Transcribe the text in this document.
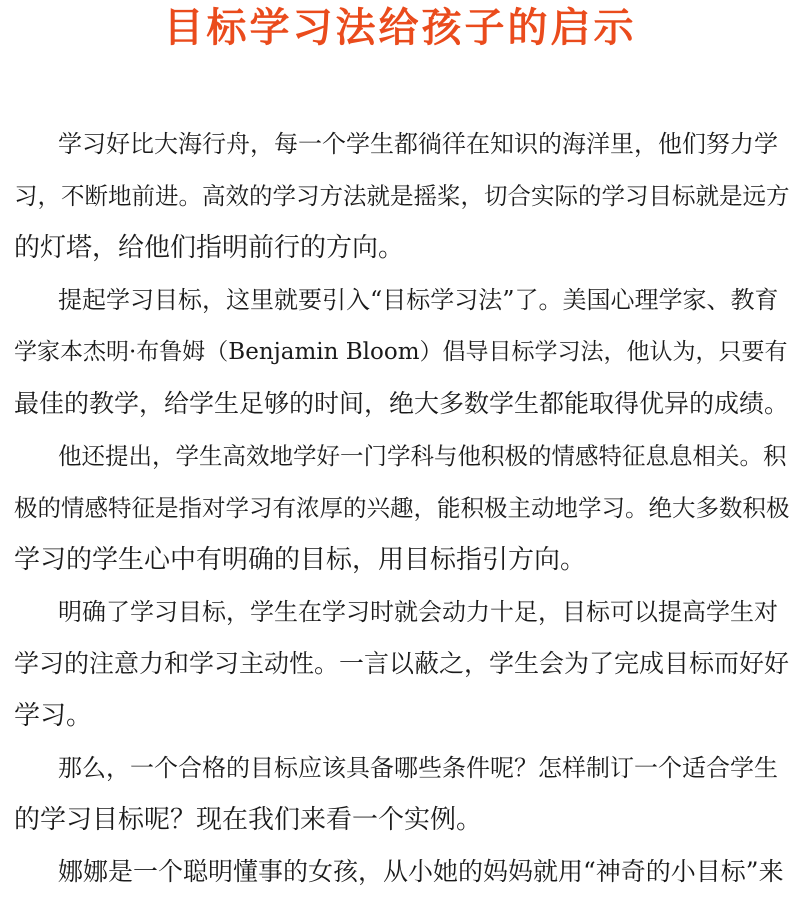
目标学习法给孩子的启示

学习好比大海行舟，每一个学生都徜徉在知识的海洋里，他们努力学
习，不断地前进。高效的学习方法就是摇桨，切合实际的学习目标就是远方
的灯塔，给他们指明前行的方向。

提起学习目标，这里就要引入“目标学习法”了。美国心理学家、教育
学家本杰明·布鲁姆（Benjamin Bloom）倡导目标学习法，他认为，只要有
最佳的教学，给学生足够的时间，绝大多数学生都能取得优异的成绩。

他还提出，学生高效地学好一门学科与他积极的情感特征息息相关。积
极的情感特征是指对学习有浓厚的兴趣，能积极主动地学习。绝大多数积极
学习的学生心中有明确的目标，用目标指引方向。

明确了学习目标，学生在学习时就会动力十足，目标可以提高学生对
学习的注意力和学习主动性。一言以蔽之，学生会为了完成目标而好好
学习。

那么，一个合格的目标应该具备哪些条件呢？怎样制订一个适合学生
的学习目标呢？现在我们来看一个实例。

娜娜是一个聪明懂事的女孩，从小她的妈妈就用“神奇的小目标”来
